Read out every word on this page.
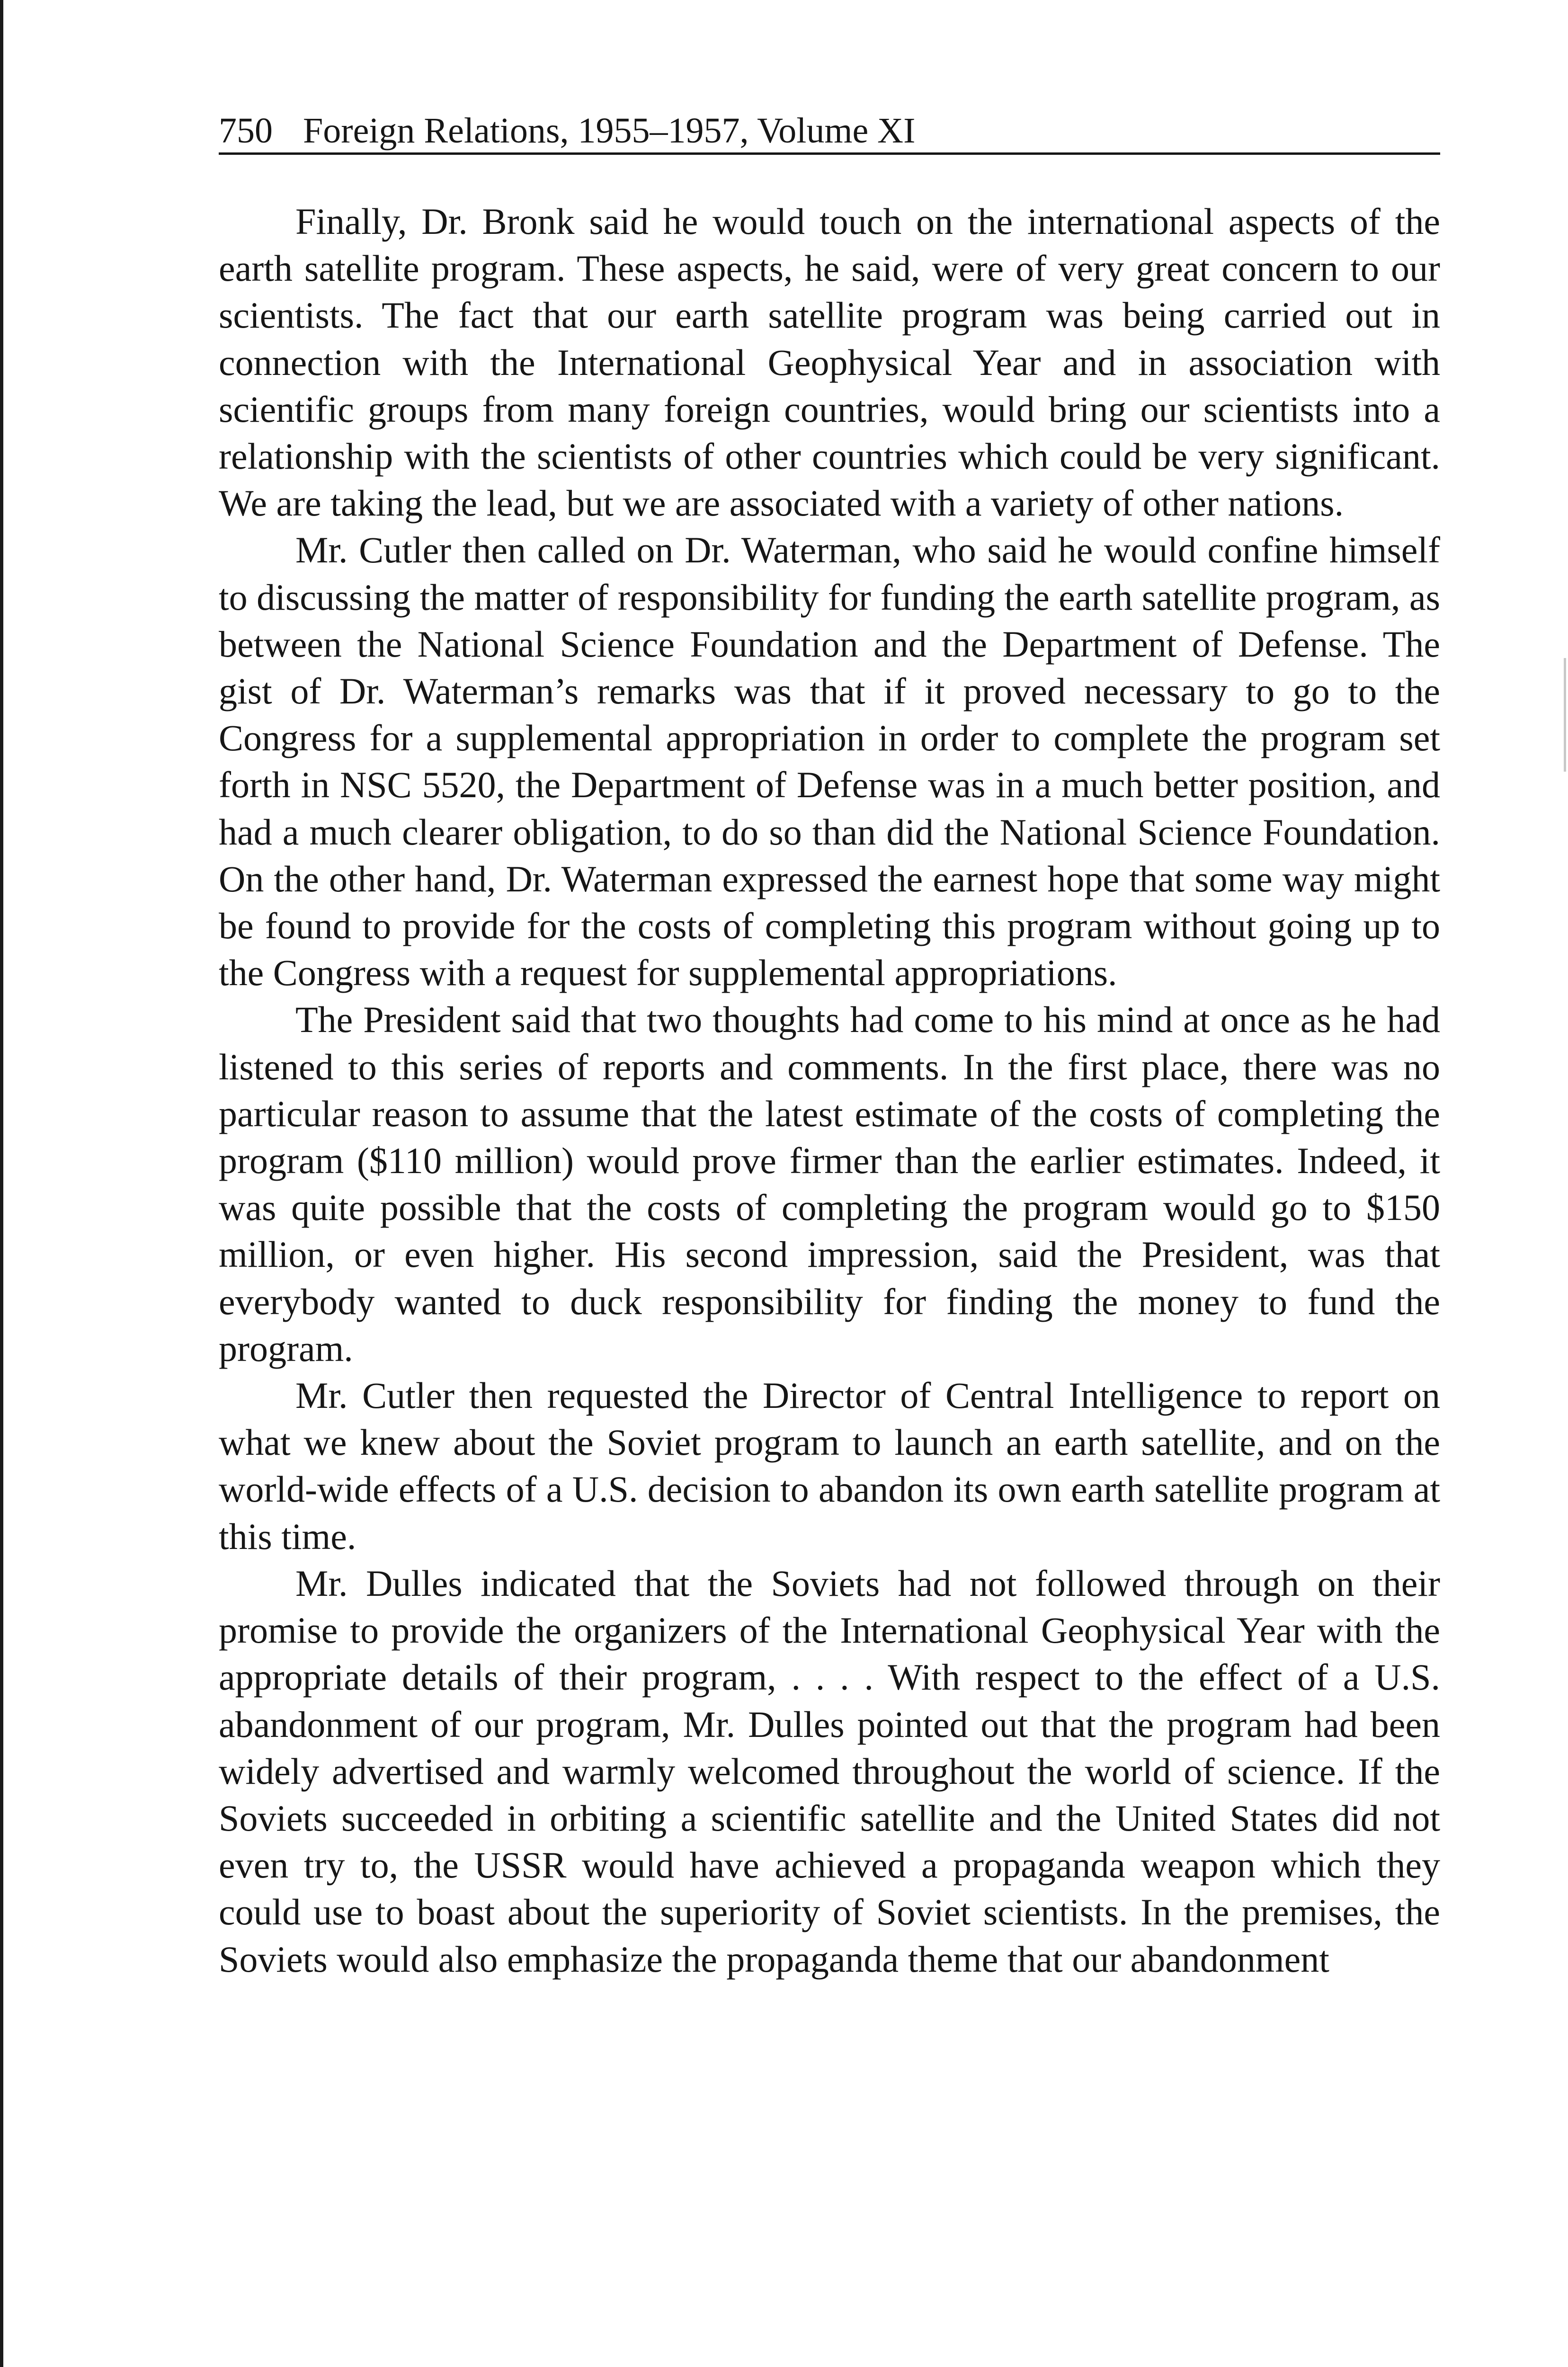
750 Foreign Relations, 1955–1957, Volume XI

Finally, Dr. Bronk said he would touch on the international aspects of the earth satellite program. These aspects, he said, were of very great concern to our scientists. The fact that our earth satellite program was being carried out in connection with the International Geophysical Year and in association with scientific groups from many foreign countries, would bring our scientists into a relationship with the scientists of other countries which could be very significant. We are taking the lead, but we are associated with a variety of other nations.

Mr. Cutler then called on Dr. Waterman, who said he would confine himself to discussing the matter of responsibility for funding the earth satellite program, as between the National Science Foundation and the Department of Defense. The gist of Dr. Waterman’s remarks was that if it proved necessary to go to the Congress for a supplemental appropriation in order to complete the program set forth in NSC 5520, the Department of Defense was in a much better position, and had a much clearer obligation, to do so than did the National Science Foundation. On the other hand, Dr. Waterman expressed the earnest hope that some way might be found to provide for the costs of completing this program without going up to the Congress with a request for supplemental appropriations.

The President said that two thoughts had come to his mind at once as he had listened to this series of reports and comments. In the first place, there was no particular reason to assume that the latest estimate of the costs of completing the program ($110 million) would prove firmer than the earlier estimates. Indeed, it was quite possible that the costs of completing the program would go to $150 million, or even higher. His second impression, said the President, was that everybody wanted to duck responsibility for finding the money to fund the program.

Mr. Cutler then requested the Director of Central Intelligence to report on what we knew about the Soviet program to launch an earth satellite, and on the world-wide effects of a U.S. decision to abandon its own earth satellite program at this time.

Mr. Dulles indicated that the Soviets had not followed through on their promise to provide the organizers of the International Geophysical Year with the appropriate details of their program, . . . . With respect to the effect of a U.S. abandonment of our program, Mr. Dulles pointed out that the program had been widely advertised and warmly welcomed throughout the world of science. If the Soviets succeeded in orbiting a scientific satellite and the United States did not even try to, the USSR would have achieved a propaganda weapon which they could use to boast about the superiority of Soviet scientists. In the premises, the Soviets would also emphasize the propaganda theme that our abandonment
